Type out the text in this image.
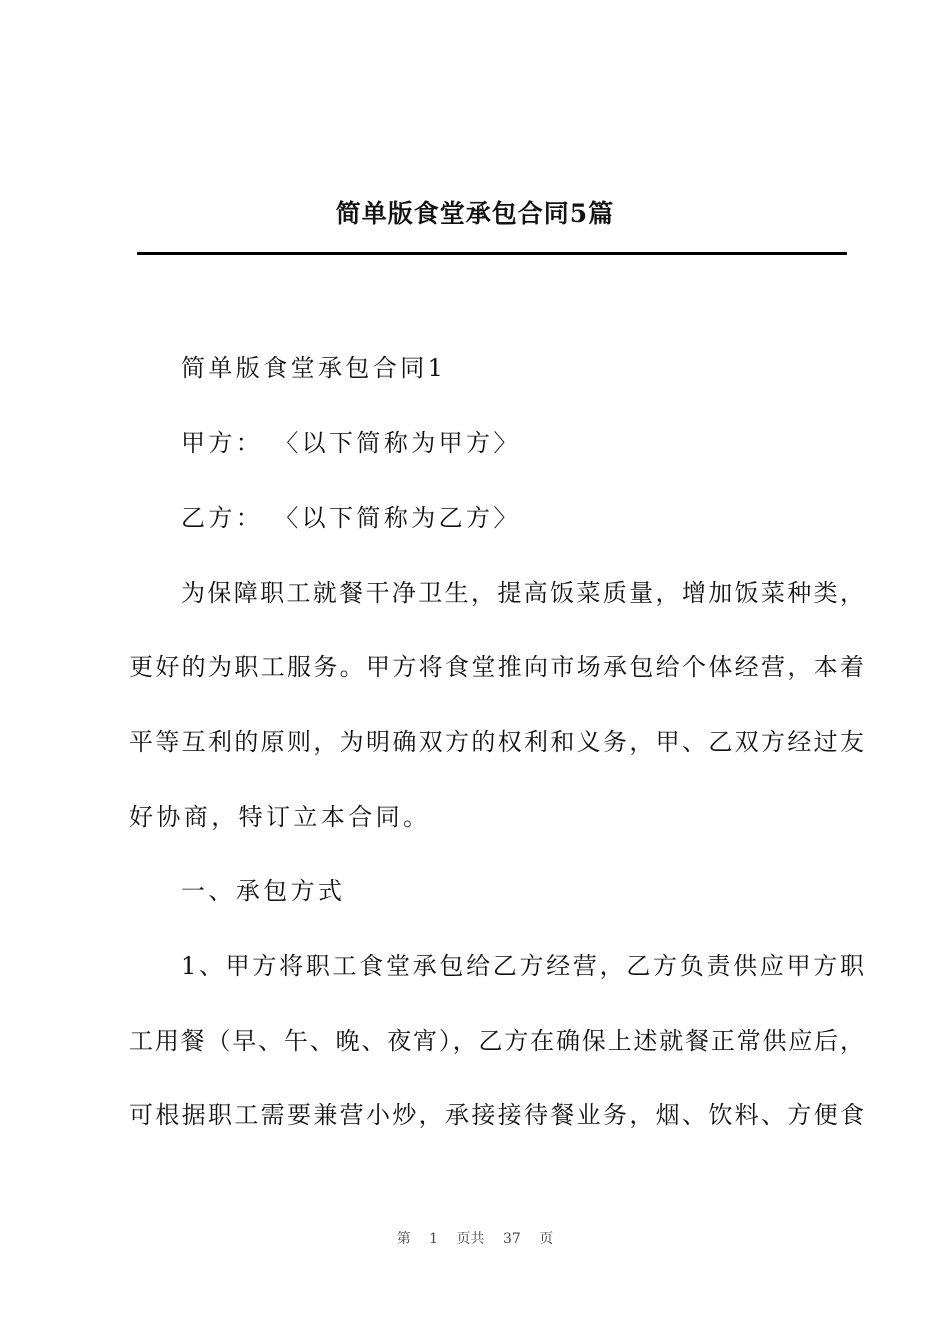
简单版食堂承包合同5篇
简单版食堂承包合同1
甲方： 〈以下简称为甲方〉
乙方： 〈以下简称为乙方〉
为保障职工就餐干净卫生，提高饭菜质量，增加饭菜种类，
更好的为职工服务。甲方将食堂推向市场承包给个体经营，本着
平等互利的原则，为明确双方的权利和义务，甲、乙双方经过友
好协商，特订立本合同。
一、承包方式
1、甲方将职工食堂承包给乙方经营，乙方负责供应甲方职
工用餐（早、午、晚、夜宵），乙方在确保上述就餐正常供应后，
可根据职工需要兼营小炒，承接接待餐业务，烟、饮料、方便食
第 1 页共 37 页
